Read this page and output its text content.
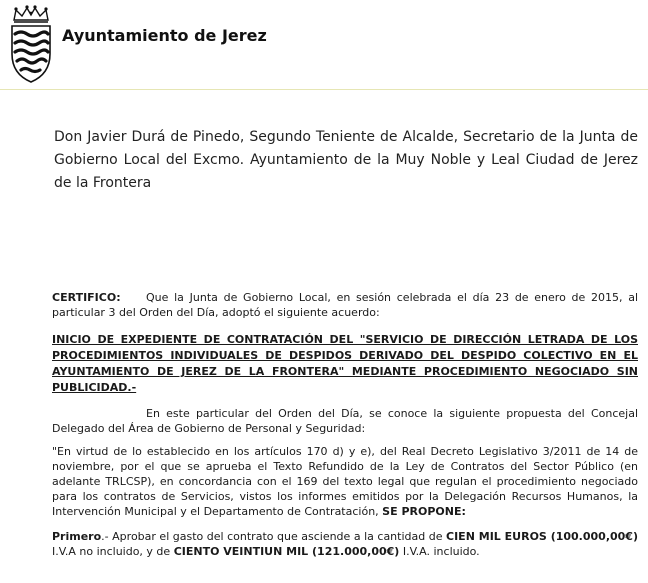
Ayuntamiento de Jerez
Don Javier Durá de Pinedo, Segundo Teniente de Alcalde, Secretario de la Junta de Gobierno Local del Excmo. Ayuntamiento de la Muy Noble y Leal Ciudad de Jerez de la Frontera

CERTIFICO: Que la Junta de Gobierno Local, en sesión celebrada el día 23 de enero de 2015, al particular 3 del Orden del Día, adoptó el siguiente acuerdo:

INICIO DE EXPEDIENTE DE CONTRATACIÓN DEL "SERVICIO DE DIRECCIÓN LETRADA DE LOS PROCEDIMIENTOS INDIVIDUALES DE DESPIDOS DERIVADO DEL DESPIDO COLECTIVO EN EL AYUNTAMIENTO DE JEREZ DE LA FRONTERA" MEDIANTE PROCEDIMIENTO NEGOCIADO SIN PUBLICIDAD.-

En este particular del Orden del Día, se conoce la siguiente propuesta del Concejal Delegado del Área de Gobierno de Personal y Seguridad:

"En virtud de lo establecido en los artículos 170 d) y e), del Real Decreto Legislativo 3/2011 de 14 de noviembre, por el que se aprueba el Texto Refundido de la Ley de Contratos del Sector Público (en adelante TRLCSP), en concordancia con el 169 del texto legal que regulan el procedimiento negociado para los contratos de Servicios, vistos los informes emitidos por la Delegación Recursos Humanos, la Intervención Municipal y el Departamento de Contratación, SE PROPONE:

Primero.- Aprobar el gasto del contrato que asciende a la cantidad de CIEN MIL EUROS (100.000,00€) I.V.A no incluido, y de CIENTO VEINTIUN MIL (121.000,00€) I.V.A. incluido.
